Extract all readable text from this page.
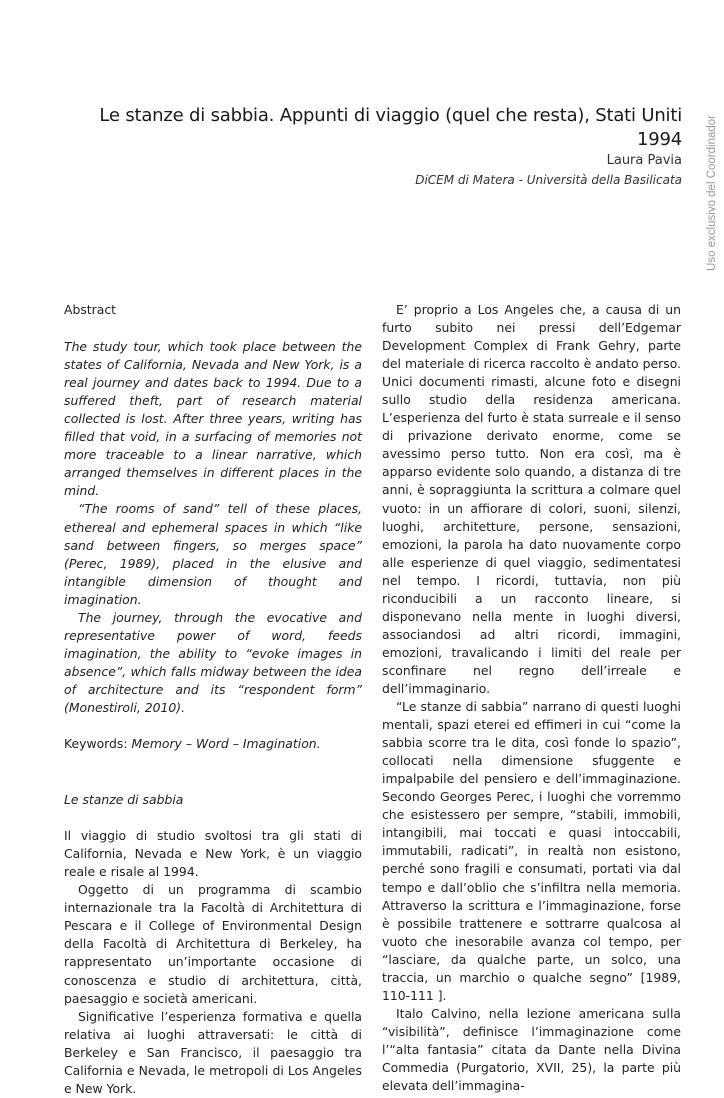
Le stanze di sabbia. Appunti di viaggio (quel che resta), Stati Uniti 1994

Laura Pavia

DiCEM di Matera - Università della Basilicata Uso exclusivo del Coordinador

Abstract

The study tour, which took place between the states of California, Nevada and New York, is a real journey and dates back to 1994. Due to a suffered theft, part of research material collected is lost. After three years, writing has filled that void, in a surfacing of memories not more traceable to a linear narrative, which arranged themselves in different places in the mind.

“The rooms of sand” tell of these places, ethereal and ephemeral spaces in which “like sand between fingers, so merges space” (Perec, 1989), placed in the elusive and intangible dimension of thought and imagination.

The journey, through the evocative and representative power of word, feeds imagination, the ability to “evoke images in absence”, which falls midway between the idea of architecture and its “respondent form” (Monestiroli, 2010).

Keywords: Memory – Word – Imagination.

Le stanze di sabbia

Il viaggio di studio svoltosi tra gli stati di California, Nevada e New York, è un viaggio reale e risale al 1994.

Oggetto di un programma di scambio internazionale tra la Facoltà di Architettura di Pescara e il College of Environmental Design della Facoltà di Architettura di Berkeley, ha rappresentato un’importante occasione di conoscenza e studio di architettura, città, paesaggio e società americani.

Significative l’esperienza formativa e quella relativa ai luoghi attraversati: le città di Berkeley e San Francisco, il paesaggio tra California e Nevada, le metropoli di Los Angeles e New York.

E’ proprio a Los Angeles che, a causa di un furto subito nei pressi dell’Edgemar Development Complex di Frank Gehry, parte del materiale di ricerca raccolto è andato perso. Unici documenti rimasti, alcune foto e disegni sullo studio della residenza americana. L’esperienza del furto è stata surreale e il senso di privazione derivato enorme, come se avessimo perso tutto. Non era così, ma è apparso evidente solo quando, a distanza di tre anni, è sopraggiunta la scrittura a colmare quel vuoto: in un affiorare di colori, suoni, silenzi, luoghi, architetture, persone, sensazioni, emozioni, la parola ha dato nuovamente corpo alle esperienze di quel viaggio, sedimentatesi nel tempo. I ricordi, tuttavia, non più riconducibili a un racconto lineare, si disponevano nella mente in luoghi diversi, associandosi ad altri ricordi, immagini, emozioni, travalicando i limiti del reale per sconfinare nel regno dell’irreale e dell’immaginario.

“Le stanze di sabbia” narrano di questi luoghi mentali, spazi eterei ed effimeri in cui “come la sabbia scorre tra le dita, così fonde lo spazio”, collocati nella dimensione sfuggente e impalpabile del pensiero e dell’immaginazione. Secondo Georges Perec, i luoghi che vorremmo che esistessero per sempre, “stabili, immobili, intangibili, mai toccati e quasi intoccabili, immutabili, radicati”, in realtà non esistono, perché sono fragili e consumati, portati via dal tempo e dall’oblio che s’infiltra nella memoria. Attraverso la scrittura e l’immaginazione, forse è possibile trattenere e sottrarre qualcosa al vuoto che inesorabile avanza col tempo, per “lasciare, da qualche parte, un solco, una traccia, un marchio o qualche segno” [1989, 110-111 ].

Italo Calvino, nella lezione americana sulla “visibilità”, definisce l’immaginazione come l’“alta fantasia” citata da Dante nella Divina Commedia (Purgatorio, XVII, 25), la parte più elevata dell’immagina-
